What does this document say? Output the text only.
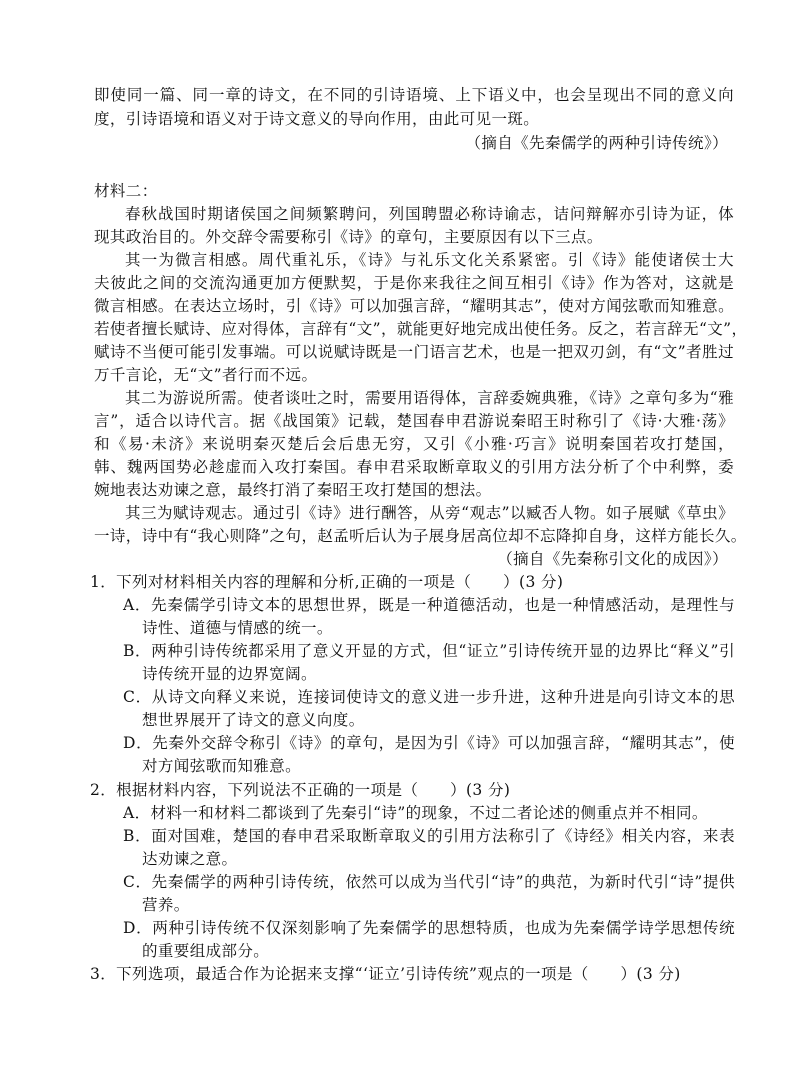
即使同一篇、同一章的诗文，在不同的引诗语境、上下语义中，也会呈现出不同的意义向
度，引诗语境和语义对于诗文意义的导向作用，由此可见一斑。
（摘自《先秦儒学的两种引诗传统》）
材料二：
春秋战国时期诸侯国之间频繁聘问，列国聘盟必称诗谕志，诘问辩解亦引诗为证，体
现其政治目的。外交辞令需要称引《诗》的章句，主要原因有以下三点。
其一为微言相感。周代重礼乐，《诗》与礼乐文化关系紧密。引《诗》能使诸侯士大
夫彼此之间的交流沟通更加方便默契，于是你来我往之间互相引《诗》作为答对，这就是
微言相感。在表达立场时，引《诗》可以加强言辞，“耀明其志”，使对方闻弦歌而知雅意。
若使者擅长赋诗、应对得体，言辞有“文”，就能更好地完成出使任务。反之，若言辞无“文”，
赋诗不当便可能引发事端。可以说赋诗既是一门语言艺术，也是一把双刃剑，有“文”者胜过
万千言论，无“文”者行而不远。
其二为游说所需。使者谈吐之时，需要用语得体，言辞委婉典雅，《诗》之章句多为“雅
言”，适合以诗代言。据《战国策》记载，楚国春申君游说秦昭王时称引了《诗·大雅·荡》
和《易·未济》来说明秦灭楚后会后患无穷，又引《小雅·巧言》说明秦国若攻打楚国，
韩、魏两国势必趁虚而入攻打秦国。春申君采取断章取义的引用方法分析了个中利弊，委
婉地表达劝谏之意，最终打消了秦昭王攻打楚国的想法。
其三为赋诗观志。通过引《诗》进行酬答，从旁“观志”以臧否人物。如子展赋《草虫》
一诗，诗中有“我心则降”之句，赵孟听后认为子展身居高位却不忘降抑自身，这样方能长久。
（摘自《先秦称引文化的成因》）
1．下列对材料相关内容的理解和分析,正确的一项是（　　）(3 分)
A．先秦儒学引诗文本的思想世界，既是一种道德活动，也是一种情感活动，是理性与
诗性、道德与情感的统一。
B．两种引诗传统都采用了意义开显的方式，但“证立”引诗传统开显的边界比“释义”引
诗传统开显的边界宽阔。
C．从诗文向释义来说，连接词使诗文的意义进一步升进，这种升进是向引诗文本的思
想世界展开了诗文的意义向度。
D．先秦外交辞令称引《诗》的章句，是因为引《诗》可以加强言辞，“耀明其志”，使
对方闻弦歌而知雅意。
2．根据材料内容，下列说法不正确的一项是（　　）(3 分)
A．材料一和材料二都谈到了先秦引“诗”的现象，不过二者论述的侧重点并不相同。
B．面对国难，楚国的春申君采取断章取义的引用方法称引了《诗经》相关内容，来表
达劝谏之意。
C．先秦儒学的两种引诗传统，依然可以成为当代引“诗”的典范，为新时代引“诗”提供
营养。
D．两种引诗传统不仅深刻影响了先秦儒学的思想特质，也成为先秦儒学诗学思想传统
的重要组成部分。
3．下列选项，最适合作为论据来支撑“‘证立’引诗传统”观点的一项是（　　）(3 分)
